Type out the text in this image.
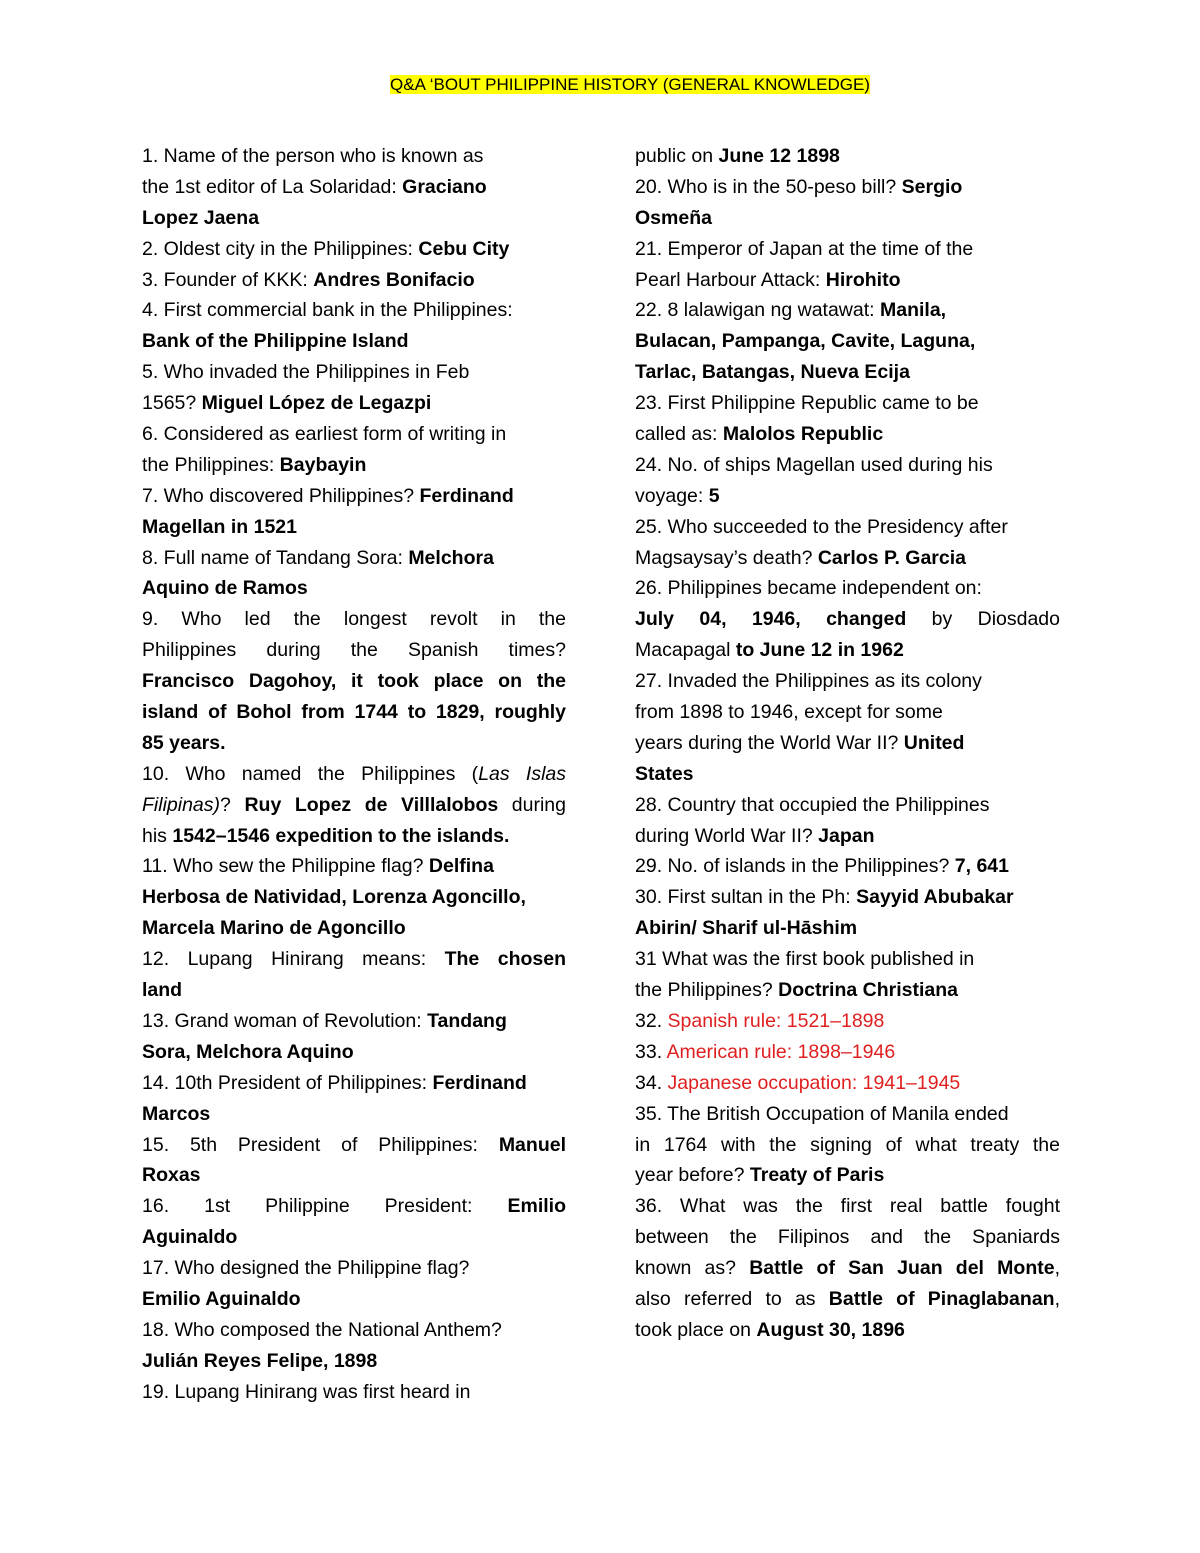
Q&A ‘BOUT PHILIPPINE HISTORY (GENERAL KNOWLEDGE)
1. Name of the person who is known as
the 1st editor of La Solaridad: Graciano
Lopez Jaena
2. Oldest city in the Philippines: Cebu City
3. Founder of KKK: Andres Bonifacio
4. First commercial bank in the Philippines:
Bank of the Philippine Island
5. Who invaded the Philippines in Feb
1565? Miguel López de Legazpi
6. Considered as earliest form of writing in
the Philippines: Baybayin
7. Who discovered Philippines? Ferdinand
Magellan in 1521
8. Full name of Tandang Sora: Melchora
Aquino de Ramos
9. Who led the longest revolt in the
Philippines during the Spanish times?
Francisco Dagohoy, it took place on the
island of Bohol from 1744 to 1829, roughly
85 years.
10. Who named the Philippines (Las Islas
Filipinas)? Ruy Lopez de Villlalobos during
his 1542–1546 expedition to the islands.
11. Who sew the Philippine flag? Delfina
Herbosa de Natividad, Lorenza Agoncillo,
Marcela Marino de Agoncillo
12. Lupang Hinirang means: The chosen
land
13. Grand woman of Revolution: Tandang
Sora, Melchora Aquino
14. 10th President of Philippines: Ferdinand
Marcos
15. 5th President of Philippines: Manuel
Roxas
16. 1st Philippine President: Emilio
Aguinaldo
17. Who designed the Philippine flag?
Emilio Aguinaldo
18. Who composed the National Anthem?
Julián Reyes Felipe, 1898
19. Lupang Hinirang was first heard in
public on June 12 1898
20. Who is in the 50-peso bill? Sergio
Osmeña
21. Emperor of Japan at the time of the
Pearl Harbour Attack: Hirohito
22. 8 lalawigan ng watawat: Manila,
Bulacan, Pampanga, Cavite, Laguna,
Tarlac, Batangas, Nueva Ecija
23. First Philippine Republic came to be
called as: Malolos Republic
24. No. of ships Magellan used during his
voyage: 5
25. Who succeeded to the Presidency after
Magsaysay’s death? Carlos P. Garcia
26. Philippines became independent on:
July 04, 1946, changed by Diosdado
Macapagal to June 12 in 1962
27. Invaded the Philippines as its colony
from 1898 to 1946, except for some
years during the World War II? United
States
28. Country that occupied the Philippines
during World War II? Japan
29. No. of islands in the Philippines? 7, 641
30. First sultan in the Ph: Sayyid Abubakar
Abirin/ Sharif ul-Hāshim
31 What was the first book published in
the Philippines? Doctrina Christiana
32. Spanish rule: 1521–1898
33. American rule: 1898–1946
34. Japanese occupation: 1941–1945
35. The British Occupation of Manila ended
in 1764 with the signing of what treaty the
year before? Treaty of Paris
36. What was the first real battle fought
between the Filipinos and the Spaniards
known as? Battle of San Juan del Monte,
also referred to as Battle of Pinaglabanan,
took place on August 30, 1896
